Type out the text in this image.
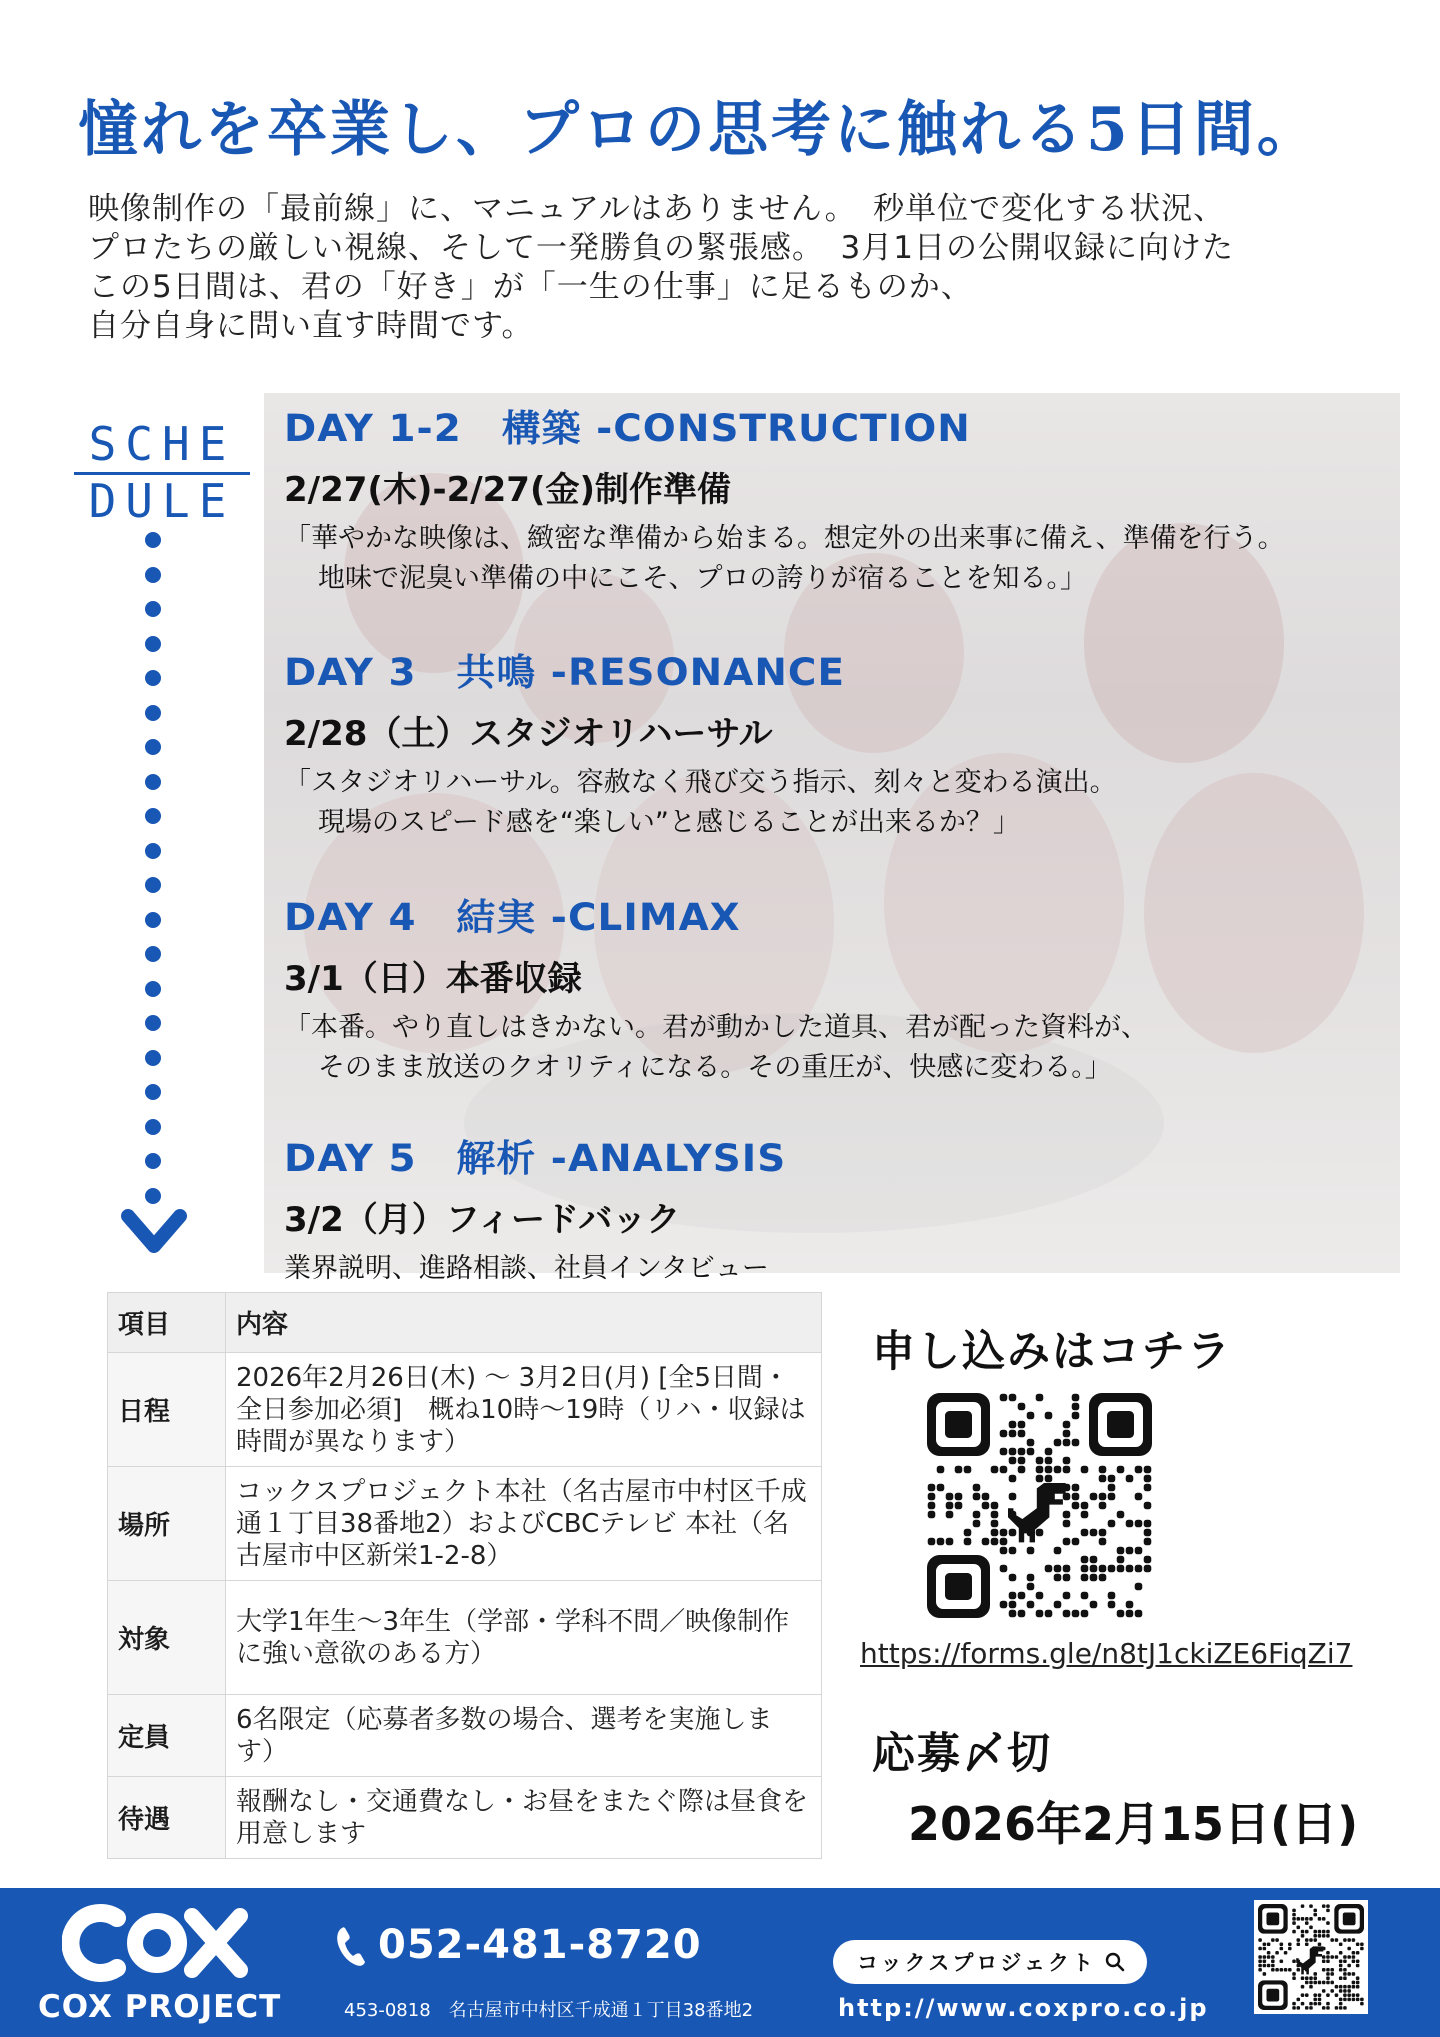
憧れを卒業し、プロの思考に触れる5日間。

映像制作の「最前線」に、マニュアルはありません。　秒単位で変化する状況、

プロたちの厳しい視線、そして一発勝負の緊張感。　3月1日の公開収録に向けた

この5日間は、君の「好き」が「一生の仕事」に足るものか、

自分自身に問い直す時間です。

SCHE
DULE
DAY 1-2　構築 -CONSTRUCTION
2/27(木)-2/27(金)制作準備
「華やかな映像は、緻密な準備から始まる。想定外の出来事に備え、準備を行う。
地味で泥臭い準備の中にこそ、プロの誇りが宿ることを知る。」
DAY 3　共鳴 -RESONANCE
2/28（土）スタジオリハーサル
「スタジオリハーサル。容赦なく飛び交う指示、刻々と変わる演出。
現場のスピード感を“楽しい”と感じることが出来るか？」
DAY 4　結実 -CLIMAX
3/1（日）本番収録
「本番。やり直しはきかない。君が動かした道具、君が配った資料が、
そのまま放送のクオリティになる。その重圧が、快感に変わる。」
DAY 5　解析 -ANALYSIS
3/2（月）フィードバック
業界説明、進路相談、社員インタビュー
項目	内容
日程	2026年2月26日(木) 〜 3月2日(月) [全5日間・全日参加必須]　概ね10時〜19時（リハ・収録は時間が異なります）
場所	コックスプロジェクト本社（名古屋市中村区千成通１丁目38番地2）およびCBCテレビ 本社（名古屋市中区新栄1-2-8）
対象	大学1年生〜3年生（学部・学科不問／映像制作に強い意欲のある方）
定員	6名限定（応募者多数の場合、選考を実施します）
待遇	報酬なし・交通費なし・お昼をまたぐ際は昼食を用意します
申し込みはコチラ
https://forms.gle/n8tJ1ckiZE6FiqZi7
応募〆切
2026年2月15日(日)
COX PROJECT
052-481-8720
453-0818　名古屋市中村区千成通１丁目38番地2
コックスプロジェクト
http://www.coxpro.co.jp
